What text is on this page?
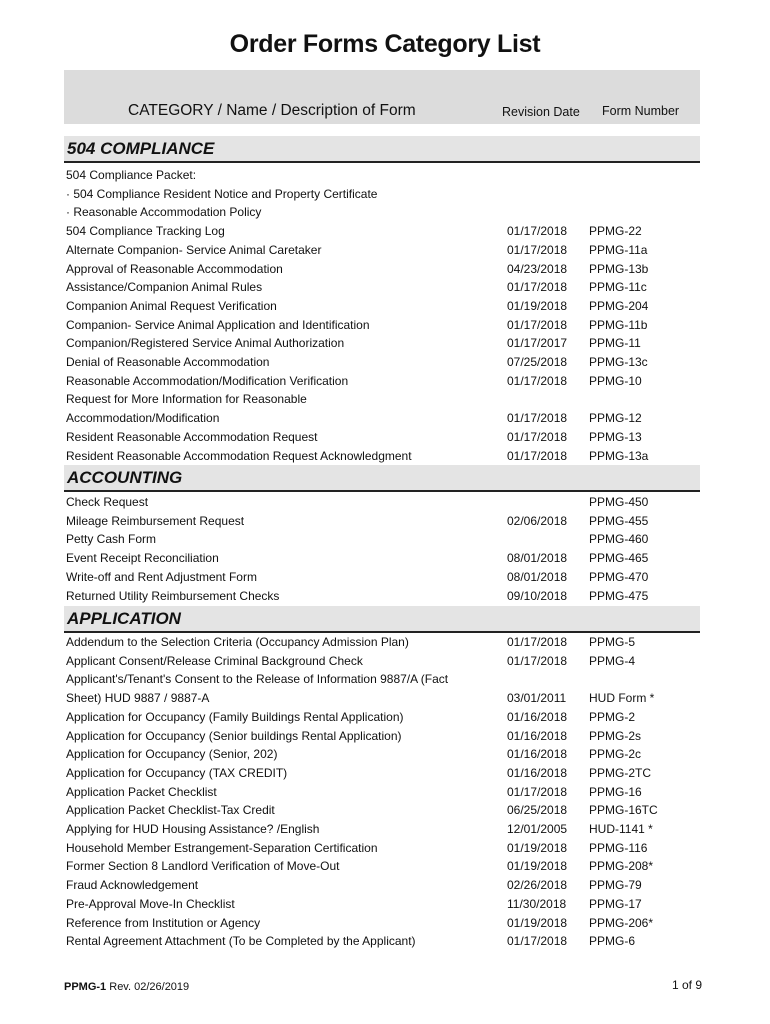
Order Forms Category List
CATEGORY / Name / Description of Form	Revision Date Form Number
504 COMPLIANCE
504 Compliance Packet:
· 504 Compliance Resident Notice and Property Certificate
· Reasonable Accommodation Policy
504 Compliance Tracking Log	01/17/2018 PPMG-22
Alternate Companion- Service Animal Caretaker	01/17/2018 PPMG-11a
Approval of Reasonable Accommodation	04/23/2018 PPMG-13b
Assistance/Companion Animal Rules	01/17/2018 PPMG-11c
Companion Animal Request Verification	01/19/2018 PPMG-204
Companion- Service Animal Application and Identification	01/17/2018 PPMG-11b
Companion/Registered Service Animal Authorization	01/17/2017 PPMG-11
Denial of Reasonable Accommodation	07/25/2018 PPMG-13c
Reasonable Accommodation/Modification Verification	01/17/2018 PPMG-10
Request for More Information for Reasonable
Accommodation/Modification	01/17/2018 PPMG-12
Resident Reasonable Accommodation Request	01/17/2018 PPMG-13
Resident Reasonable Accommodation Request Acknowledgment	01/17/2018 PPMG-13a
ACCOUNTING
Check Request	PPMG-450
Mileage Reimbursement Request	02/06/2018 PPMG-455
Petty Cash Form	PPMG-460
Event Receipt Reconciliation	08/01/2018 PPMG-465
Write-off and Rent Adjustment Form	08/01/2018 PPMG-470
Returned Utility Reimbursement Checks	09/10/2018 PPMG-475
APPLICATION
Addendum to the Selection Criteria (Occupancy Admission Plan)	01/17/2018 PPMG-5
Applicant Consent/Release Criminal Background Check	01/17/2018 PPMG-4
Applicant's/Tenant's Consent to the Release of Information 9887/A (Fact
Sheet) HUD 9887 / 9887-A	03/01/2011 HUD Form *
Application for Occupancy (Family Buildings Rental Application)	01/16/2018 PPMG-2
Application for Occupancy (Senior buildings Rental Application)	01/16/2018 PPMG-2s
Application for Occupancy (Senior, 202)	01/16/2018 PPMG-2c
Application for Occupancy (TAX CREDIT)	01/16/2018 PPMG-2TC
Application Packet Checklist	01/17/2018 PPMG-16
Application Packet Checklist-Tax Credit	06/25/2018 PPMG-16TC
Applying for HUD Housing Assistance? /English	12/01/2005 HUD-1141 *
Household Member Estrangement-Separation Certification	01/19/2018 PPMG-116
Former Section 8 Landlord Verification of Move-Out	01/19/2018 PPMG-208*
Fraud Acknowledgement	02/26/2018 PPMG-79
Pre-Approval Move-In Checklist	11/30/2018 PPMG-17
Reference from Institution or Agency	01/19/2018 PPMG-206*
Rental Agreement Attachment (To be Completed by the Applicant)	01/17/2018 PPMG-6
PPMG-1 Rev. 02/26/2019	1 of 9
